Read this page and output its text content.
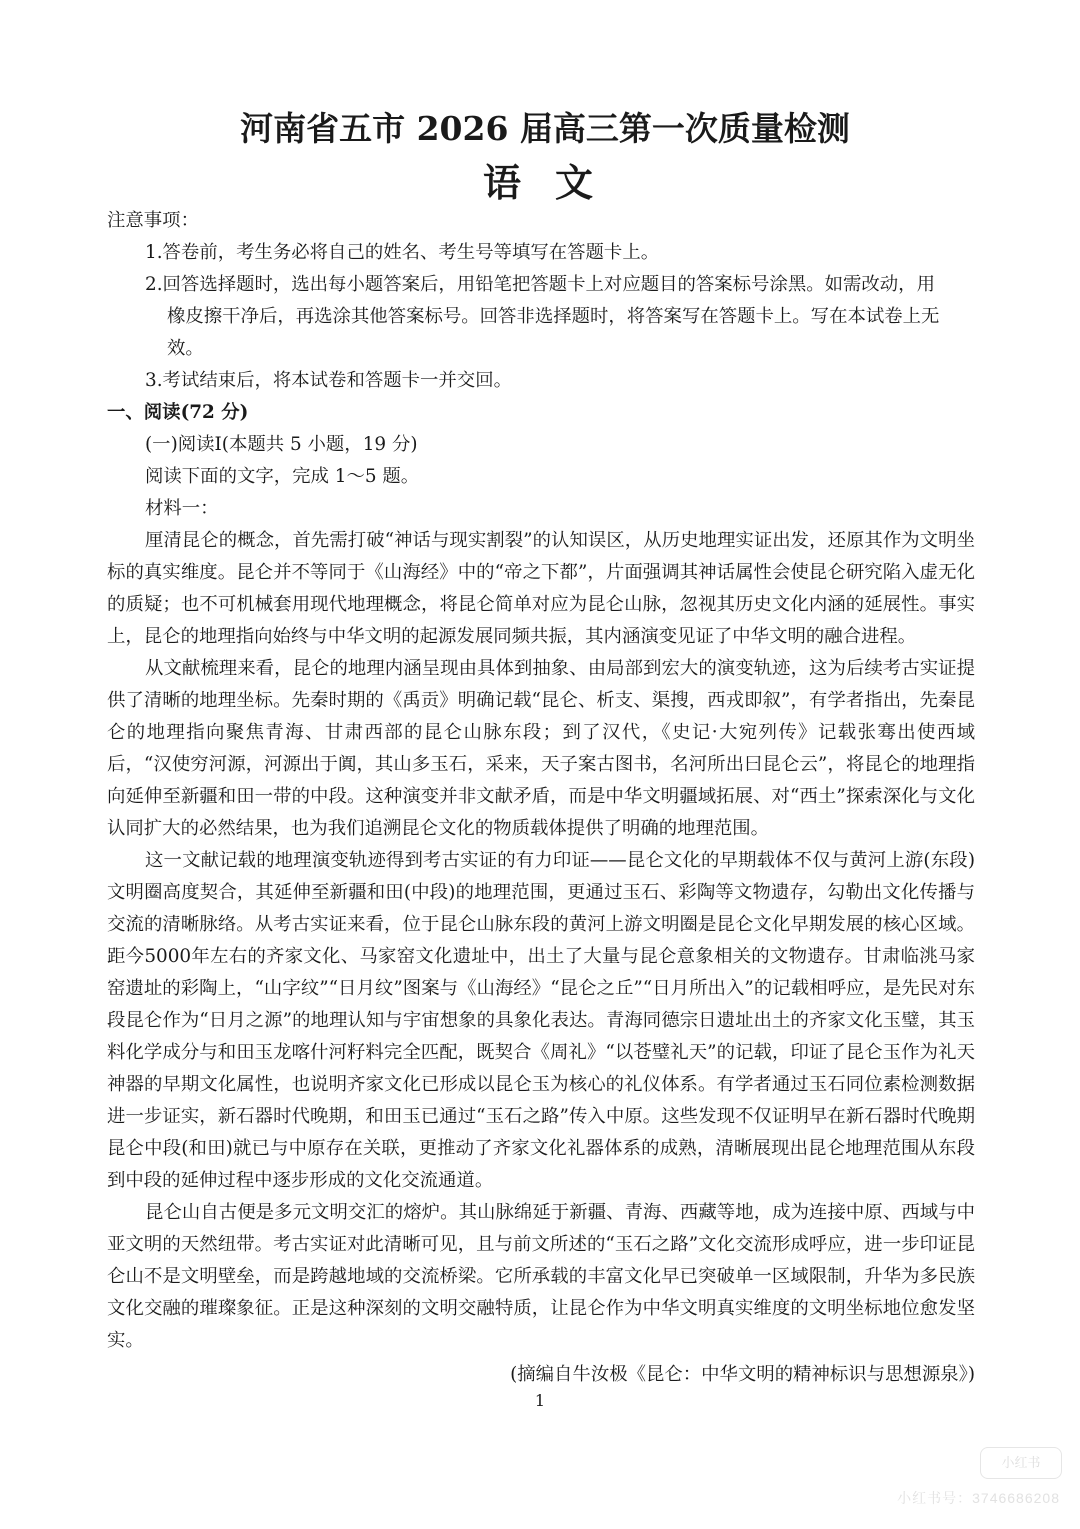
河南省五市 2026 届高三第一次质量检测
语文
注意事项：
1.答卷前，考生务必将自己的姓名、考生号等填写在答题卡上。
2.回答选择题时，选出每小题答案后，用铅笔把答题卡上对应题目的答案标号涂黑。如需改动，用
橡皮擦干净后，再选涂其他答案标号。回答非选择题时，将答案写在答题卡上。写在本试卷上无
效。
3.考试结束后，将本试卷和答题卡一并交回。
一、阅读(72 分)
(一)阅读Ⅰ(本题共 5 小题，19 分)
阅读下面的文字，完成 1～5 题。
材料一：

厘清昆仑的概念，首先需打破“神话与现实割裂”的认知误区，从历史地理实证出发，还原其作为文明坐标的真实维度。昆仑并不等同于《山海经》中的“帝之下都”，片面强调其神话属性会使昆仑研究陷入虚无化的质疑；也不可机械套用现代地理概念，将昆仑简单对应为昆仑山脉，忽视其历史文化内涵的延展性。事实上，昆仑的地理指向始终与中华文明的起源发展同频共振，其内涵演变见证了中华文明的融合进程。

从文献梳理来看，昆仑的地理内涵呈现由具体到抽象、由局部到宏大的演变轨迹，这为后续考古实证提供了清晰的地理坐标。先秦时期的《禹贡》明确记载“昆仑、析支、渠搜，西戎即叙”，有学者指出，先秦昆仑的地理指向聚焦青海、甘肃西部的昆仑山脉东段；到了汉代，《史记·大宛列传》记载张骞出使西域后，“汉使穷河源，河源出于阗，其山多玉石，采来，天子案古图书，名河所出曰昆仑云”，将昆仑的地理指向延伸至新疆和田一带的中段。这种演变并非文献矛盾，而是中华文明疆域拓展、对“西土”探索深化与文化认同扩大的必然结果，也为我们追溯昆仑文化的物质载体提供了明确的地理范围。

这一文献记载的地理演变轨迹得到考古实证的有力印证——昆仑文化的早期载体不仅与黄河上游(东段)文明圈高度契合，其延伸至新疆和田(中段)的地理范围，更通过玉石、彩陶等文物遗存，勾勒出文化传播与交流的清晰脉络。从考古实证来看，位于昆仑山脉东段的黄河上游文明圈是昆仑文化早期发展的核心区域。距今5000年左右的齐家文化、马家窑文化遗址中，出土了大量与昆仑意象相关的文物遗存。甘肃临洮马家窑遗址的彩陶上，“山字纹”“日月纹”图案与《山海经》“昆仑之丘”“日月所出入”的记载相呼应，是先民对东段昆仑作为“日月之源”的地理认知与宇宙想象的具象化表达。青海同德宗日遗址出土的齐家文化玉璧，其玉料化学成分与和田玉龙喀什河籽料完全匹配，既契合《周礼》“以苍璧礼天”的记载，印证了昆仑玉作为礼天神器的早期文化属性，也说明齐家文化已形成以昆仑玉为核心的礼仪体系。有学者通过玉石同位素检测数据进一步证实，新石器时代晚期，和田玉已通过“玉石之路”传入中原。这些发现不仅证明早在新石器时代晚期昆仑中段(和田)就已与中原存在关联，更推动了齐家文化礼器体系的成熟，清晰展现出昆仑地理范围从东段到中段的延伸过程中逐步形成的文化交流通道。

昆仑山自古便是多元文明交汇的熔炉。其山脉绵延于新疆、青海、西藏等地，成为连接中原、西域与中亚文明的天然纽带。考古实证对此清晰可见，且与前文所述的“玉石之路”文化交流形成呼应，进一步印证昆仑山不是文明壁垒，而是跨越地域的交流桥梁。它所承载的丰富文化早已突破单一区域限制，升华为多民族文化交融的璀璨象征。正是这种深刻的文明交融特质，让昆仑作为中华文明真实维度的文明坐标地位愈发坚实。

(摘编自牛汝极《昆仑：中华文明的精神标识与思想源泉》)
1
小红书
小红书号：3746686208
